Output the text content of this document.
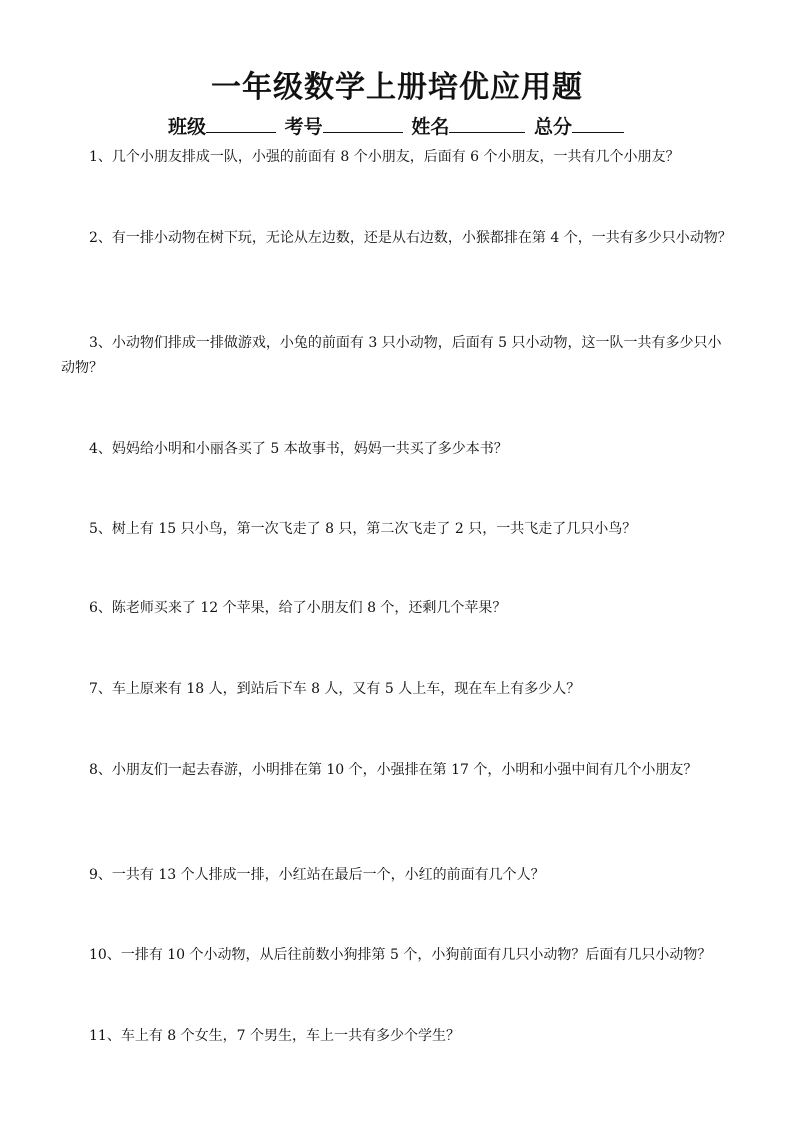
一年级数学上册培优应用题
班级	考号	姓名	总分

1、几个小朋友排成一队，小强的前面有 8 个小朋友，后面有 6 个小朋友，一共有几个小朋友？

2、有一排小动物在树下玩，无论从左边数，还是从右边数，小猴都排在第 4 个，一共有多少只小动物？

3、小动物们排成一排做游戏，小兔的前面有 3 只小动物，后面有 5 只小动物，这一队一共有多少只小动物？

4、妈妈给小明和小丽各买了 5 本故事书，妈妈一共买了多少本书？

5、树上有 15 只小鸟，第一次飞走了 8 只，第二次飞走了 2 只，一共飞走了几只小鸟？

6、陈老师买来了 12 个苹果，给了小朋友们 8 个，还剩几个苹果？

7、车上原来有 18 人，到站后下车 8 人，又有 5 人上车，现在车上有多少人？

8、小朋友们一起去春游，小明排在第 10 个，小强排在第 17 个，小明和小强中间有几个小朋友？

9、一共有 13 个人排成一排，小红站在最后一个，小红的前面有几个人？

10、一排有 10 个小动物，从后往前数小狗排第 5 个，小狗前面有几只小动物？后面有几只小动物？

11、车上有 8 个女生，7 个男生，车上一共有多少个学生？
